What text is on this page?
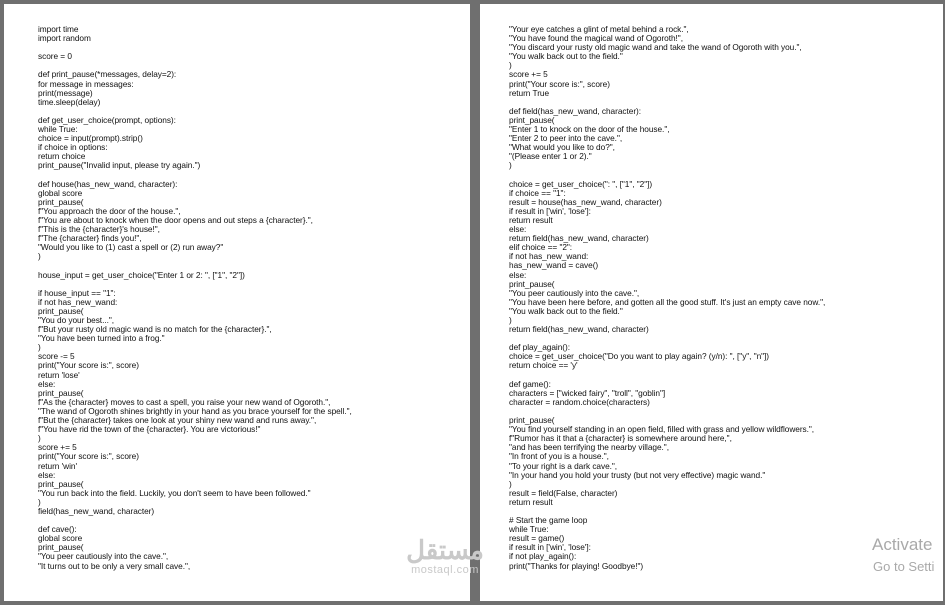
import time
import random
score = 0
def print_pause(*messages, delay=2):
for message in messages:
print(message)
time.sleep(delay)
def get_user_choice(prompt, options):
while True:
choice = input(prompt).strip()
if choice in options:
return choice
print_pause("Invalid input, please try again.")
def house(has_new_wand, character):
global score
print_pause(
f"You approach the door of the house.",
f"You are about to knock when the door opens and out steps a {character}.",
f"This is the {character}'s house!",
f"The {character} finds you!",
"Would you like to (1) cast a spell or (2) run away?"
)
house_input = get_user_choice("Enter 1 or 2: ", ["1", "2"])
if house_input == "1":
if not has_new_wand:
print_pause(
"You do your best...",
f"But your rusty old magic wand is no match for the {character}.",
"You have been turned into a frog."
)
score -= 5
print("Your score is:", score)
return 'lose'
else:
print_pause(
f"As the {character} moves to cast a spell, you raise your new wand of Ogoroth.",
"The wand of Ogoroth shines brightly in your hand as you brace yourself for the spell.",
f"But the {character} takes one look at your shiny new wand and runs away.",
f"You have rid the town of the {character}. You are victorious!"
)
score += 5
print("Your score is:", score)
return 'win'
else:
print_pause(
"You run back into the field. Luckily, you don't seem to have been followed."
)
field(has_new_wand, character)
def cave():
global score
print_pause(
"You peer cautiously into the cave.",
"It turns out to be only a very small cave.",
"Your eye catches a glint of metal behind a rock.",
"You have found the magical wand of Ogoroth!",
"You discard your rusty old magic wand and take the wand of Ogoroth with you.",
"You walk back out to the field."
)
score += 5
print("Your score is:", score)
return True
def field(has_new_wand, character):
print_pause(
"Enter 1 to knock on the door of the house.",
"Enter 2 to peer into the cave.",
"What would you like to do?",
"(Please enter 1 or 2)."
)
choice = get_user_choice(": ", ["1", "2"])
if choice == "1":
result = house(has_new_wand, character)
if result in ['win', 'lose']:
return result
else:
return field(has_new_wand, character)
elif choice == "2":
if not has_new_wand:
has_new_wand = cave()
else:
print_pause(
"You peer cautiously into the cave.",
"You have been here before, and gotten all the good stuff. It's just an empty cave now.",
"You walk back out to the field."
)
return field(has_new_wand, character)
def play_again():
choice = get_user_choice("Do you want to play again? (y/n): ", ["y", "n"])
return choice == 'y'
def game():
characters = ["wicked fairy", "troll", "goblin"]
character = random.choice(characters)
print_pause(
"You find yourself standing in an open field, filled with grass and yellow wildflowers.",
f"Rumor has it that a {character} is somewhere around here,",
"and has been terrifying the nearby village.",
"In front of you is a house.",
"To your right is a dark cave.",
"In your hand you hold your trusty (but not very effective) magic wand."
)
result = field(False, character)
return result
# Start the game loop
while True:
result = game()
if result in ['win', 'lose']:
if not play_again():
print("Thanks for playing! Goodbye!")
مستقل
mostaql.com
Activate
Go to Setti
